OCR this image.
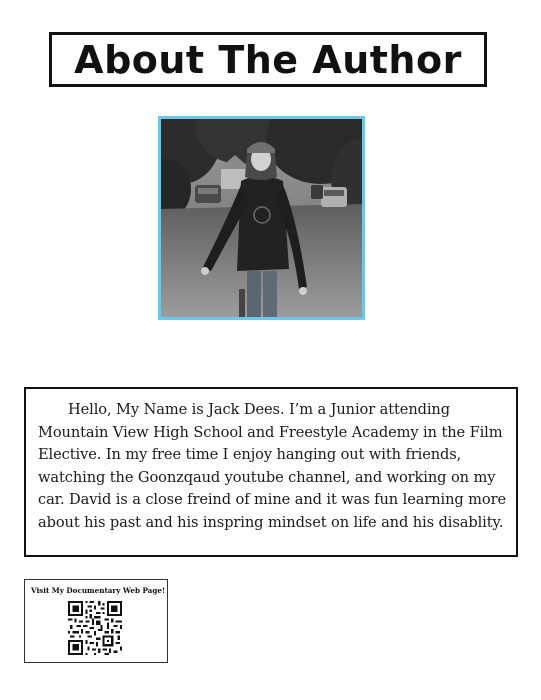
About The Author

Hello, My Name is Jack Dees. I’m a Junior attending Mountain View High School and Freestyle Academy in the Film Elective. In my free time I enjoy hanging out with friends, watching the Goonzqaud youtube channel, and working on my car. David is a close freind of mine and it was fun learning more about his past and his inspring mindset on life and his disablity.

Visit My Documentary Web Page!
